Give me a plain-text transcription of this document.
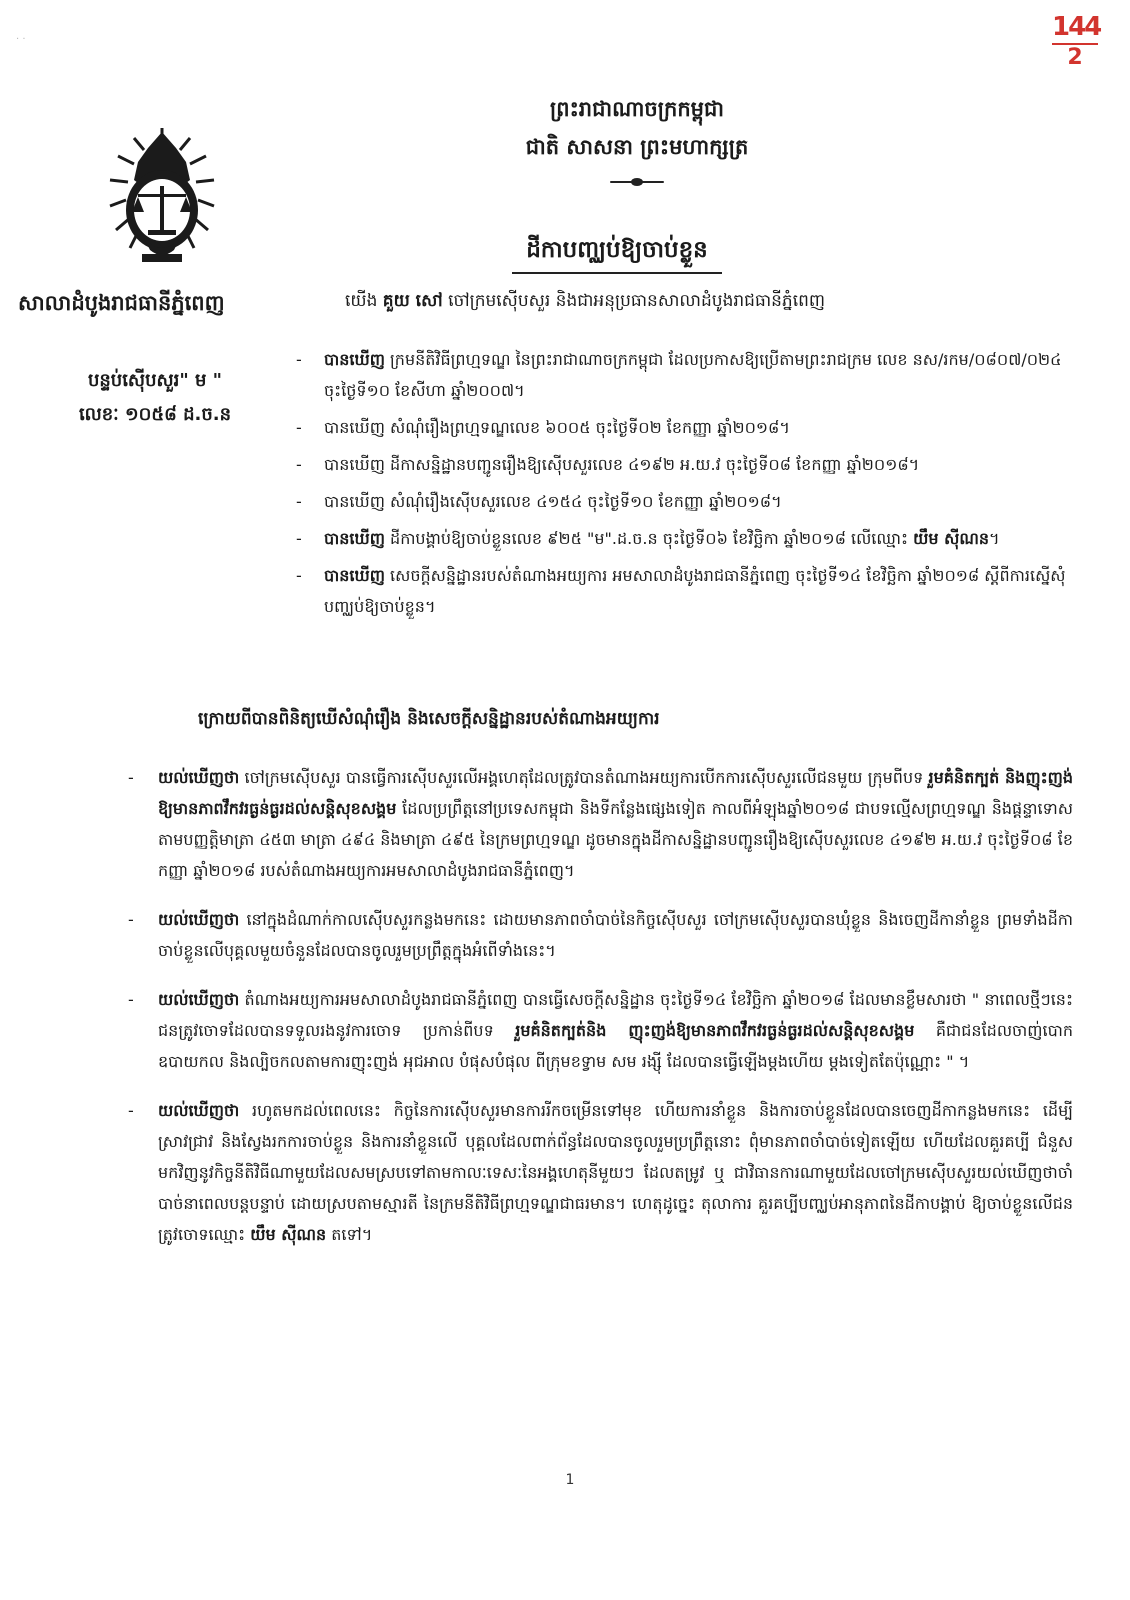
· ·	144
2
ព្រះរាជាណាចក្រកម្ពុជា
ជាតិ សាសនា ព្រះមហាក្សត្រ
ដីកាបញ្ឈប់ឱ្យចាប់ខ្លួន
សាលាដំបូងរាជធានីភ្នំពេញ
បន្ទប់ស៊ើបសួរ" ម "
លេខៈ ១០៥៨ ដ.ច.ន
យើង គួយ សៅ ចៅក្រមស៊ើបសួរ និងជាអនុប្រធានសាលាដំបូងរាជធានីភ្នំពេញ
- បានឃើញ ក្រមនីតិវិធីព្រហ្មទណ្ឌ នៃព្រះរាជាណាចក្រកម្ពុជា ដែលប្រកាសឱ្យប្រើតាមព្រះរាជក្រម លេខ នស/រកម/០៨០៧/០២៤ ចុះថ្ងៃទី១០ ខែសីហា ឆ្នាំ២០០៧។
- បានឃើញ សំណុំរឿងព្រហ្មទណ្ឌលេខ ៦០០៥ ចុះថ្ងៃទី០២ ខែកញ្ញា ឆ្នាំ២០១៨។
- បានឃើញ ដីកាសន្និដ្ឋានបញ្ជូនរឿងឱ្យស៊ើបសួរលេខ ៤១៩២ អ.យ.វ ចុះថ្ងៃទី០៨ ខែកញ្ញា ឆ្នាំ២០១៨។
- បានឃើញ សំណុំរឿងស៊ើបសួរលេខ ៤១៥៤ ចុះថ្ងៃទី១០ ខែកញ្ញា ឆ្នាំ២០១៨។
- បានឃើញ ដីកាបង្គាប់ឱ្យចាប់ខ្លួនលេខ ៩២៥ "ម".ដ.ច.ន ចុះថ្ងៃទី០៦ ខែវិច្ឆិកា ឆ្នាំ២០១៨ លើឈ្មោះ យឹម ស៊ីណន។
- បានឃើញ សេចក្តីសន្និដ្ឋានរបស់តំណាងអយ្យការ អមសាលាដំបូងរាជធានីភ្នំពេញ ចុះថ្ងៃទី១៤ ខែវិច្ឆិកា ឆ្នាំ២០១៨ ស្តីពីការស្នើសុំបញ្ឈប់ឱ្យចាប់ខ្លួន។
ក្រោយពីបានពិនិត្យឃើសំណុំរឿង និងសេចក្តីសន្និដ្ឋានរបស់តំណាងអយ្យការ
- យល់ឃើញថា ចៅក្រមស៊ើបសួរ បានធ្វើការស៊ើបសួរលើអង្គហេតុដែលត្រូវបានតំណាងអយ្យការបើកការស៊ើបសួរលើជនមួយ ក្រុមពីបទ រួមគំនិតក្បត់ និងញុះញង់ឱ្យមានភាពវឹកវរធ្ងន់ធ្ងរដល់សន្តិសុខសង្គម ដែលប្រព្រឹត្តនៅប្រទេសកម្ពុជា និងទីកន្លែងផ្សេងទៀត កាលពីអំឡុងឆ្នាំ២០១៨ ជាបទល្មើសព្រហ្មទណ្ឌ និងផ្តន្ទាទោសតាមបញ្ញត្តិមាត្រា ៤៥៣ មាត្រា ៤៩៤ និងមាត្រា ៤៩៥ នៃក្រមព្រហ្មទណ្ឌ ដូចមានក្នុងដីកាសន្និដ្ឋានបញ្ជូនរឿងឱ្យស៊ើបសួរលេខ ៤១៩២ អ.យ.វ ចុះថ្ងៃទី០៨ ខែកញ្ញា ឆ្នាំ២០១៨ របស់តំណាងអយ្យការអមសាលាដំបូងរាជធានីភ្នំពេញ។
- យល់ឃើញថា នៅក្នុងដំណាក់កាលស៊ើបសួរកន្លងមកនេះ ដោយមានភាពចាំបាច់នៃកិច្ចស៊ើបសួរ ចៅក្រមស៊ើបសួរបានឃុំខ្លួន និងចេញដីកានាំខ្លួន ព្រមទាំងដីកាចាប់ខ្លួនលើបុគ្គលមួយចំនួនដែលបានចូលរួមប្រព្រឹត្តក្នុងអំពើទាំងនេះ។
- យល់ឃើញថា តំណាងអយ្យការអមសាលាដំបូងរាជធានីភ្នំពេញ បានធ្វើសេចក្តីសន្និដ្ឋាន ចុះថ្ងៃទី១៤ ខែវិច្ឆិកា ឆ្នាំ២០១៨ ដែលមានខ្លឹមសារថា " នាពេលថ្មីៗនេះ ជនត្រូវចោទដែលបានទទួលរងនូវការចោទ ប្រកាន់ពីបទ រួមគំនិតក្បត់និង ញុះញង់ឱ្យមានភាពវឹកវរធ្ងន់ធ្ងរដល់សន្តិសុខសង្គម គឺជាជនដែលចាញ់បោក ឧបាយកល និងល្បិចកលតាមការញុះញង់ អុជអាល បំផុសបំផុល ពីក្រុមខទ្វាម សម រង្ស៊ី ដែលបានធ្វើឡើងម្តងហើយ ម្តងទៀតតែប៉ុណ្ណោះ " ។
- យល់ឃើញថា រហូតមកដល់ពេលនេះ កិច្ចនៃការស៊ើបសួរមានការរីកចម្រើនទៅមុខ ហើយការនាំខ្លួន និងការចាប់ខ្លួនដែលបានចេញដីកាកន្លងមកនេះ ដើម្បីស្រាវជ្រាវ និងស្វែងរកការចាប់ខ្លួន និងការនាំខ្លួនលើ បុគ្គលដែលពាក់ព័ន្ធដែលបានចូលរួមប្រព្រឹត្តនោះ ពុំមានភាពចាំបាច់ទៀតឡើយ ហើយដែលគួរគប្បី ជំនួសមកវិញនូវកិច្ចនីតិវិធីណាមួយដែលសមស្របទៅតាមកាលៈទេសៈនៃអង្គហេតុនីមួយៗ ដែលតម្រូវ ឬ ជាវិធានការណាមួយដែលចៅក្រមស៊ើបសួរយល់ឃើញថាចាំបាច់នាពេលបន្តបន្ទាប់ ដោយស្របតាមស្មារតី នៃក្រមនីតិវិធីព្រហ្មទណ្ឌជាធរមាន។ ហេតុដូច្នេះ តុលាការ គួរគប្បីបញ្ឈប់អានុភាពនៃដីកាបង្គាប់ ឱ្យចាប់ខ្លួនលើជនត្រូវចោទឈ្មោះ យឹម ស៊ីណន តទៅ។
1
